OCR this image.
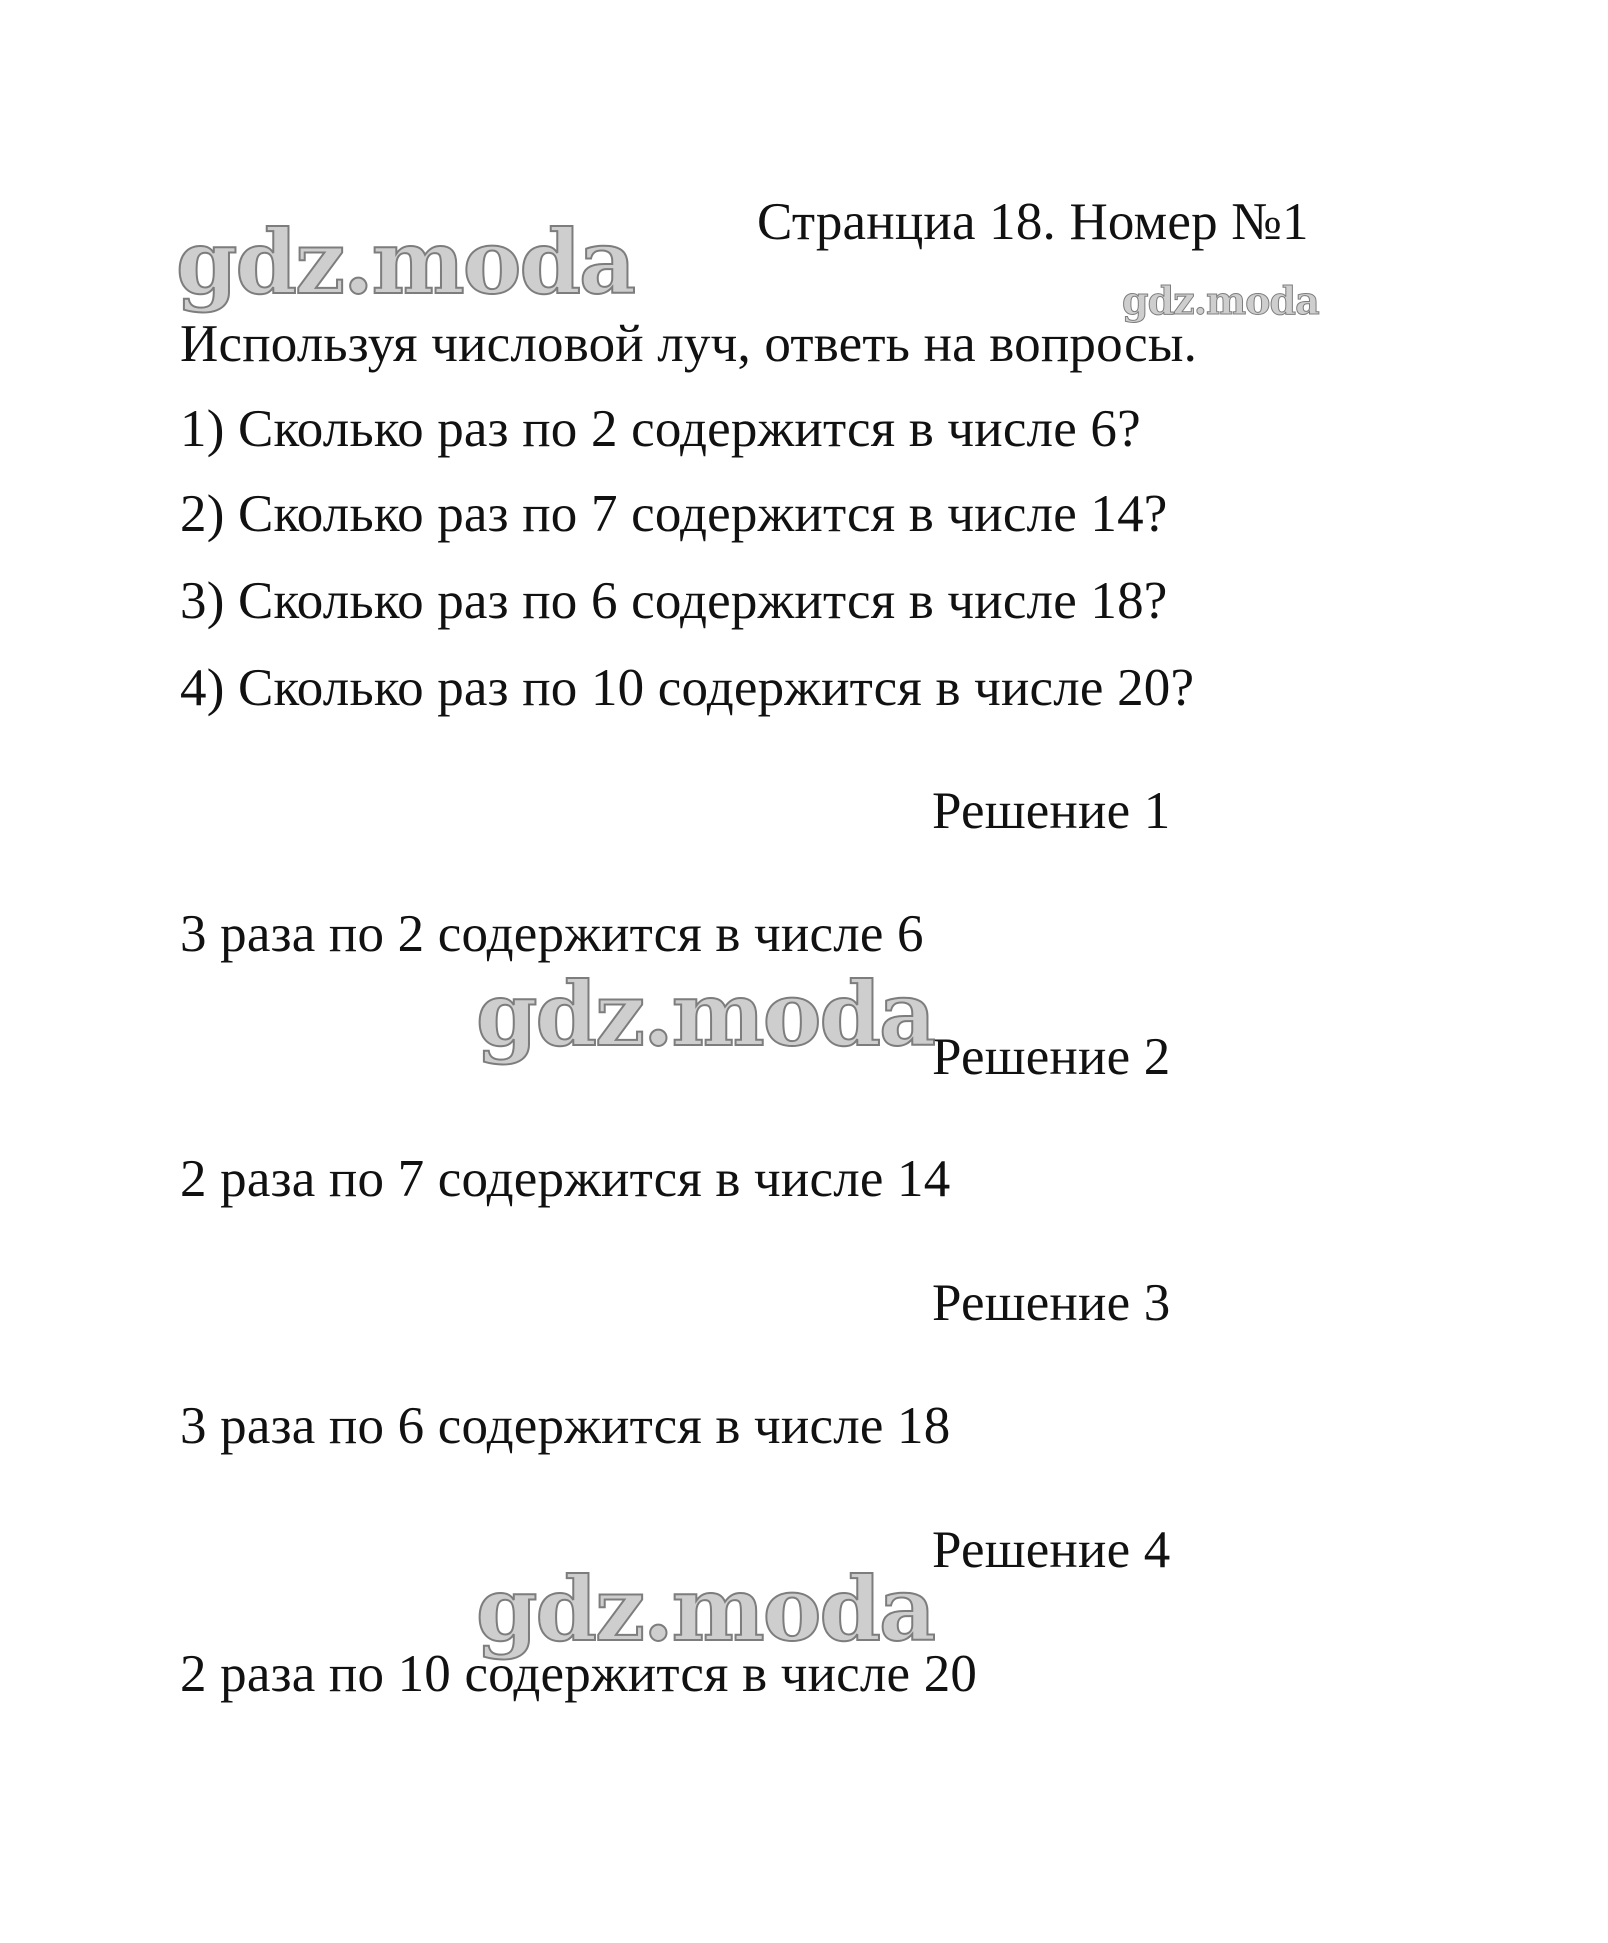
Странциа 18. Номер №1
Используя числовой луч, ответь на вопросы.
1) Сколько раз по 2 содержится в числе 6?
2) Сколько раз по 7 содержится в числе 14?
3) Сколько раз по 6 содержится в числе 18?
4) Сколько раз по 10 содержится в числе 20?
Решение 1
3 раза по 2 содержится в числе 6
Решение 2
2 раза по 7 содержится в числе 14
Решение 3
3 раза по 6 содержится в числе 18
Решение 4
2 раза по 10 содержится в числе 20
gdz.moda	gdz.moda
gdz.moda
gdz.moda
